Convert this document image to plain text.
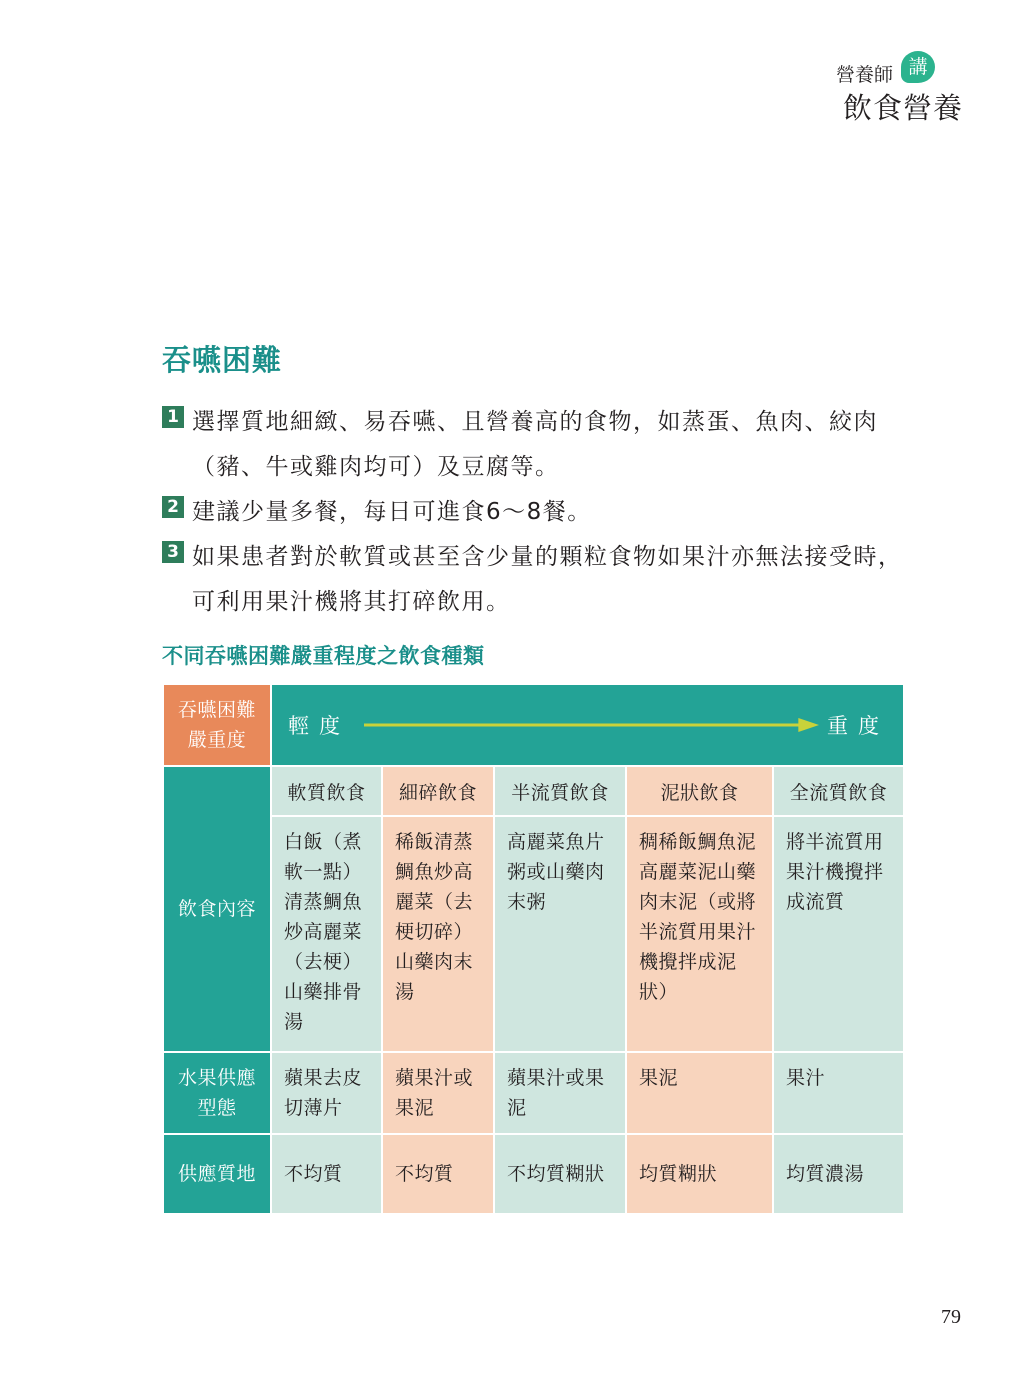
營養師 講
飲食營養
吞嚥困難
1 選擇質地細緻、易吞嚥、且營養高的食物，如蒸蛋、魚肉、絞肉（豬、牛或雞肉均可）及豆腐等。
2 建議少量多餐，每日可進食6～8餐。
3 如果患者對於軟質或甚至含少量的顆粒食物如果汁亦無法接受時，可利用果汁機將其打碎飲用。
不同吞嚥困難嚴重程度之飲食種類
吞嚥困難嚴重度	輕度 重度				

飲食內容	軟質飲食	細碎飲食	半流質飲食	泥狀飲食	全流質飲食
	白飯（煮軟一點）清蒸鯛魚炒高麗菜（去梗）山藥排骨湯	稀飯清蒸鯛魚炒高麗菜（去梗切碎）山藥肉末湯	高麗菜魚片粥或山藥肉末粥	稠稀飯鯛魚泥高麗菜泥山藥肉末泥（或將半流質用果汁機攪拌成泥狀）	將半流質用果汁機攪拌成流質
水果供應型態	蘋果去皮切薄片	蘋果汁或果泥	蘋果汁或果泥	果泥	果汁
供應質地	不均質	不均質	不均質糊狀	均質糊狀	均質濃湯
79
